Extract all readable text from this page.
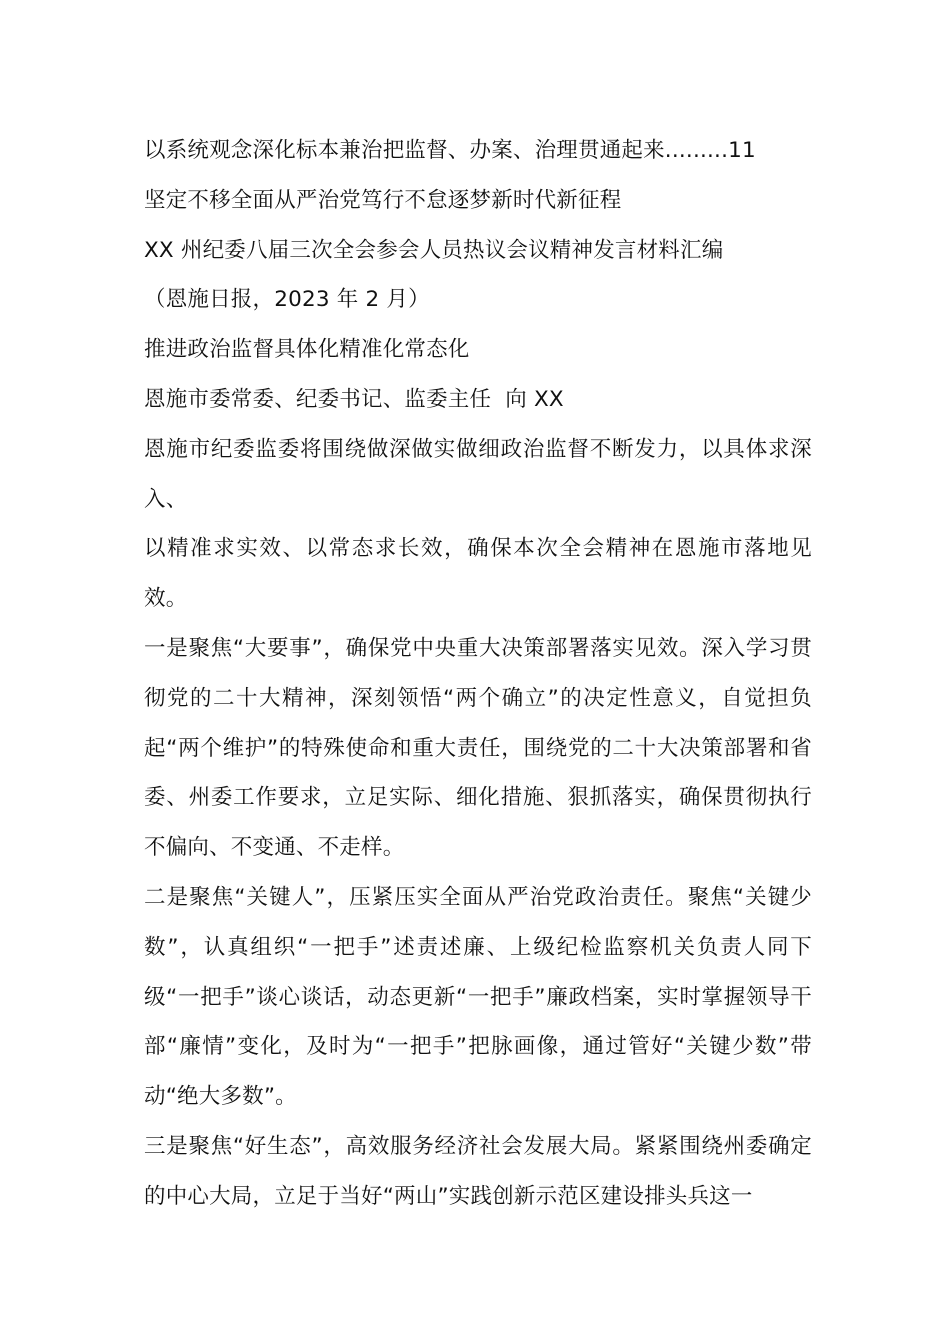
以系统观念深化标本兼治把监督、办案、治理贯通起来.........11

坚定不移全面从严治党笃行不怠逐梦新时代新征程

XX 州纪委八届三次全会参会人员热议会议精神发言材料汇编

（恩施日报，2023 年 2 月）

推进政治监督具体化精准化常态化

恩施市委常委、纪委书记、监委主任  向 XX

恩施市纪委监委将围绕做深做实做细政治监督不断发力，以具体求深入、

以精准求实效、以常态求长效，确保本次全会精神在恩施市落地见效。

一是聚焦“大要事”，确保党中央重大决策部署落实见效。深入学习贯彻党的二十大精神，深刻领悟“两个确立”的决定性意义，自觉担负起“两个维护”的特殊使命和重大责任，围绕党的二十大决策部署和省委、州委工作要求，立足实际、细化措施、狠抓落实，确保贯彻执行不偏向、不变通、不走样。

二是聚焦“关键人”，压紧压实全面从严治党政治责任。聚焦“关键少数”，认真组织“一把手”述责述廉、上级纪检监察机关负责人同下级“一把手”谈心谈话，动态更新“一把手”廉政档案，实时掌握领导干部“廉情”变化，及时为“一把手”把脉画像，通过管好“关键少数”带动“绝大多数”。

三是聚焦“好生态”，高效服务经济社会发展大局。紧紧围绕州委确定的中心大局，立足于当好“两山”实践创新示范区建设排头兵这一
